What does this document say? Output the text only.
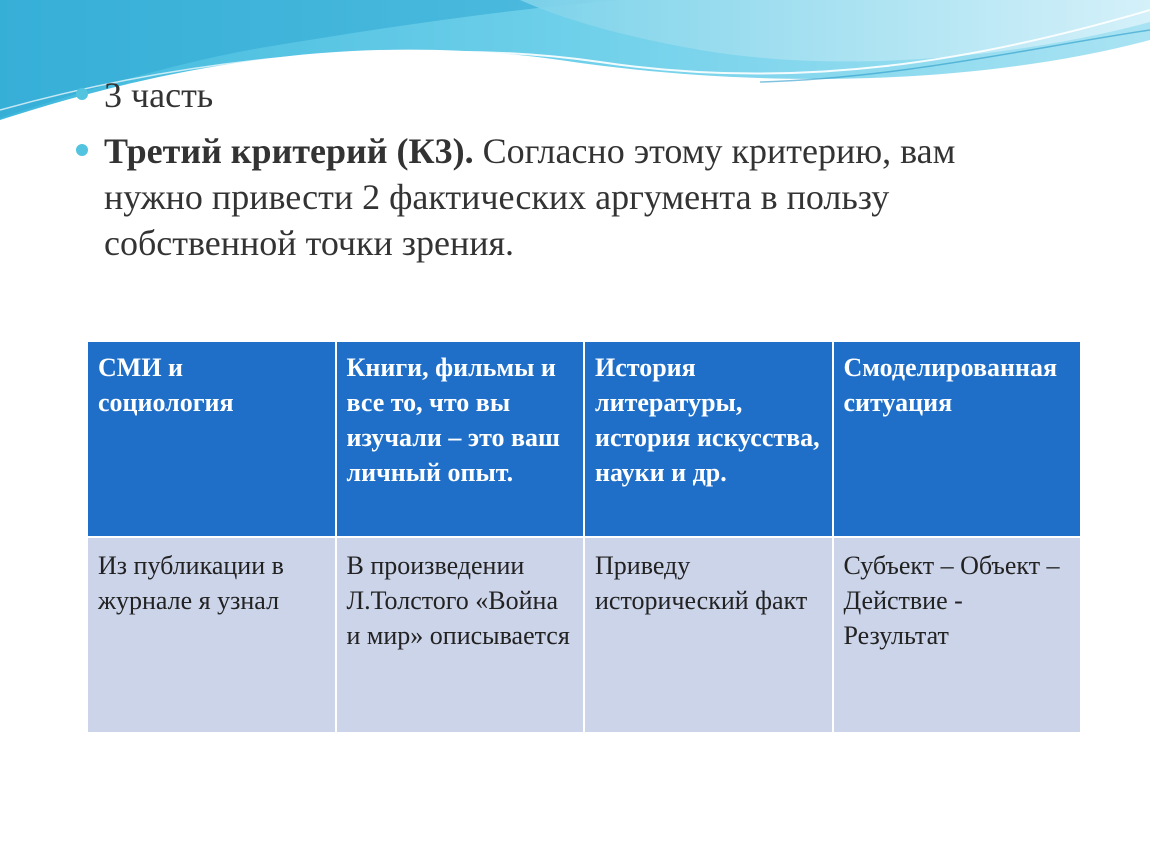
3 часть
Третий критерий (К3). Согласно этому критерию, вам нужно привести 2 фактических аргумента в пользу собственной точки зрения.
СМИ и социология	Книги, фильмы и все то, что вы изучали – это ваш личный опыт.	История литературы, история искусства, науки и др.	Смоделированная ситуация
Из публикации в журнале я узнал	В произведении Л.Толстого «Война и мир» описывается	Приведу исторический факт	Субъект – Объект – Действие - Результат
